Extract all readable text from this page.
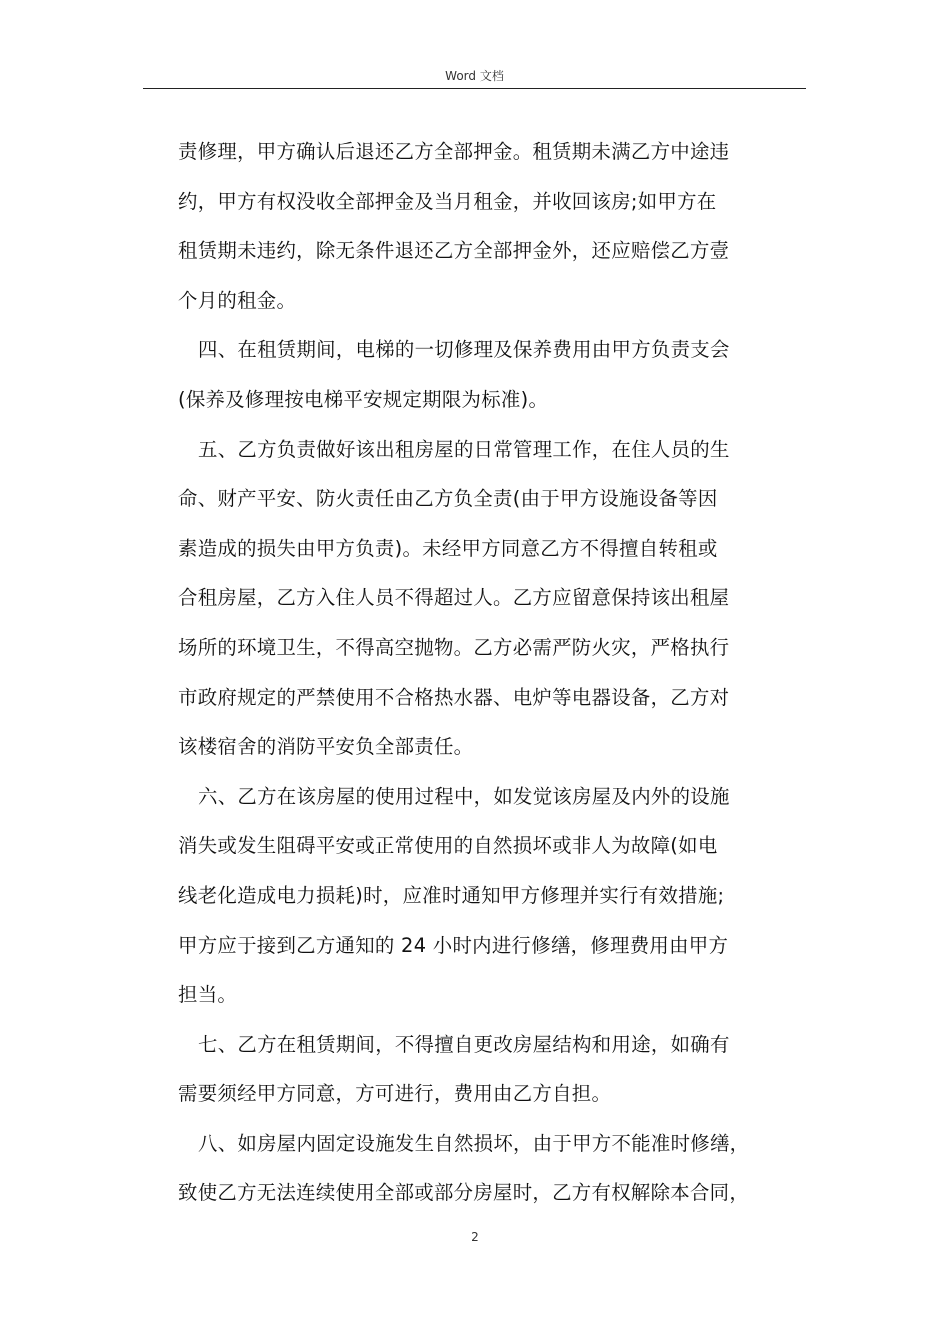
Word 文档
责修理，甲方确认后退还乙方全部押金。租赁期未满乙方中途违
约，甲方有权没收全部押金及当月租金，并收回该房;如甲方在
租赁期未违约，除无条件退还乙方全部押金外，还应赔偿乙方壹
个月的租金。
四、在租赁期间，电梯的一切修理及保养费用由甲方负责支会
(保养及修理按电梯平安规定期限为标准)。
五、乙方负责做好该出租房屋的日常管理工作，在住人员的生
命、财产平安、防火责任由乙方负全责(由于甲方设施设备等因
素造成的损失由甲方负责)。未经甲方同意乙方不得擅自转租或
合租房屋，乙方入住人员不得超过人。乙方应留意保持该出租屋
场所的环境卫生，不得高空抛物。乙方必需严防火灾，严格执行
市政府规定的严禁使用不合格热水器、电炉等电器设备，乙方对
该楼宿舍的消防平安负全部责任。
六、乙方在该房屋的使用过程中，如发觉该房屋及内外的设施
消失或发生阻碍平安或正常使用的自然损坏或非人为故障(如电
线老化造成电力损耗)时，应准时通知甲方修理并实行有效措施;
甲方应于接到乙方通知的 24 小时内进行修缮，修理费用由甲方
担当。
七、乙方在租赁期间，不得擅自更改房屋结构和用途，如确有
需要须经甲方同意，方可进行，费用由乙方自担。
八、如房屋内固定设施发生自然损坏，由于甲方不能准时修缮，
致使乙方无法连续使用全部或部分房屋时，乙方有权解除本合同，
2
